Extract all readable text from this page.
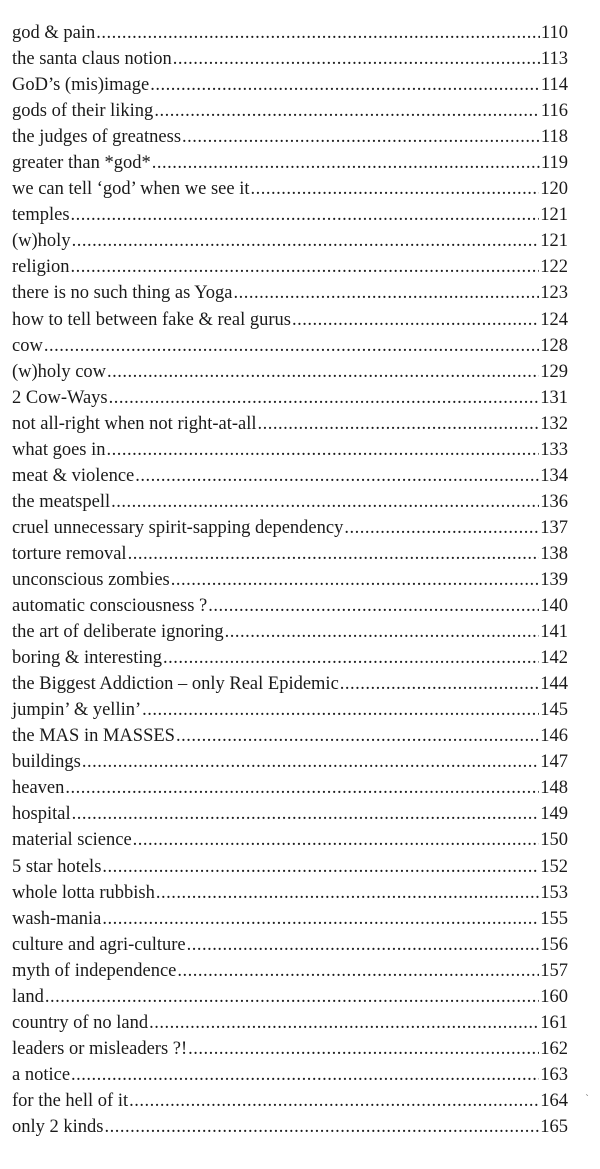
god & pain .....	110
the santa claus notion .....	113
GoD’s (mis)image .....	114
gods of their liking .....	116
the judges of greatness .....	118
greater than *god* .....	119
we can tell ‘god’ when we see it .....	120
temples .....	121
(w)holy .....	121
religion .....	122
there is no such thing as Yoga .....	123
how to tell between fake & real gurus .....	124
cow .....	128
(w)holy cow .....	129
2 Cow-Ways .....	131
not all-right when not right-at-all .....	132
what goes in .....	133
meat & violence .....	134
the meatspell .....	136
cruel unnecessary spirit-sapping dependency .....	137
torture removal .....	138
unconscious zombies .....	139
automatic consciousness ? .....	140
the art of deliberate ignoring .....	141
boring & interesting .....	142
the Biggest Addiction – only Real Epidemic .....	144
jumpin’ & yellin’ .....	145
the MAS in MASSES .....	146
buildings .....	147
heaven .....	148
hospital .....	149
material science .....	150
5 star hotels .....	152
whole lotta rubbish .....	153
wash-mania .....	155
culture and agri-culture .....	156
myth of independence .....	157
land .....	160
country of no land .....	161
leaders or misleaders ?! .....	162
a notice .....	163
for the hell of it .....	164
only 2 kinds .....	165
`
